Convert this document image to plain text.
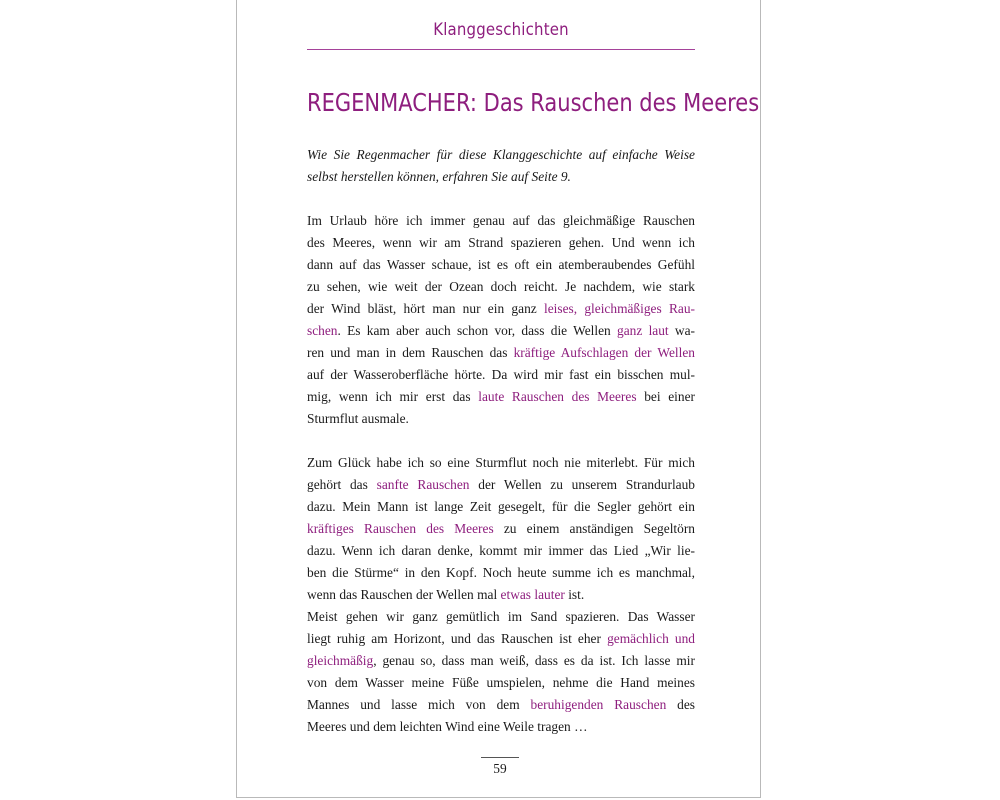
Klanggeschichten
REGENMACHER: Das Rauschen des Meeres
Wie Sie Regenmacher für diese Klanggeschichte auf einfache Weise
selbst herstellen können, erfahren Sie auf Seite 9.
Im Urlaub höre ich immer genau auf das gleichmäßige Rauschen
des Meeres, wenn wir am Strand spazieren gehen. Und wenn ich
dann auf das Wasser schaue, ist es oft ein atemberaubendes Gefühl
zu sehen, wie weit der Ozean doch reicht. Je nachdem, wie stark
der Wind bläst, hört man nur ein ganz leises, gleichmäßiges Rau-
schen. Es kam aber auch schon vor, dass die Wellen ganz laut wa-
ren und man in dem Rauschen das kräftige Aufschlagen der Wellen
auf der Wasseroberfläche hörte. Da wird mir fast ein bisschen mul-
mig, wenn ich mir erst das laute Rauschen des Meeres bei einer
Sturmflut ausmale.
Zum Glück habe ich so eine Sturmflut noch nie miterlebt. Für mich
gehört das sanfte Rauschen der Wellen zu unserem Strandurlaub
dazu. Mein Mann ist lange Zeit gesegelt, für die Segler gehört ein
kräftiges Rauschen des Meeres zu einem anständigen Segeltörn
dazu. Wenn ich daran denke, kommt mir immer das Lied „Wir lie-
ben die Stürme“ in den Kopf. Noch heute summe ich es manchmal,
wenn das Rauschen der Wellen mal etwas lauter ist.
Meist gehen wir ganz gemütlich im Sand spazieren. Das Wasser
liegt ruhig am Horizont, und das Rauschen ist eher gemächlich und
gleichmäßig, genau so, dass man weiß, dass es da ist. Ich lasse mir
von dem Wasser meine Füße umspielen, nehme die Hand meines
Mannes und lasse mich von dem beruhigenden Rauschen des
Meeres und dem leichten Wind eine Weile tragen …
59
